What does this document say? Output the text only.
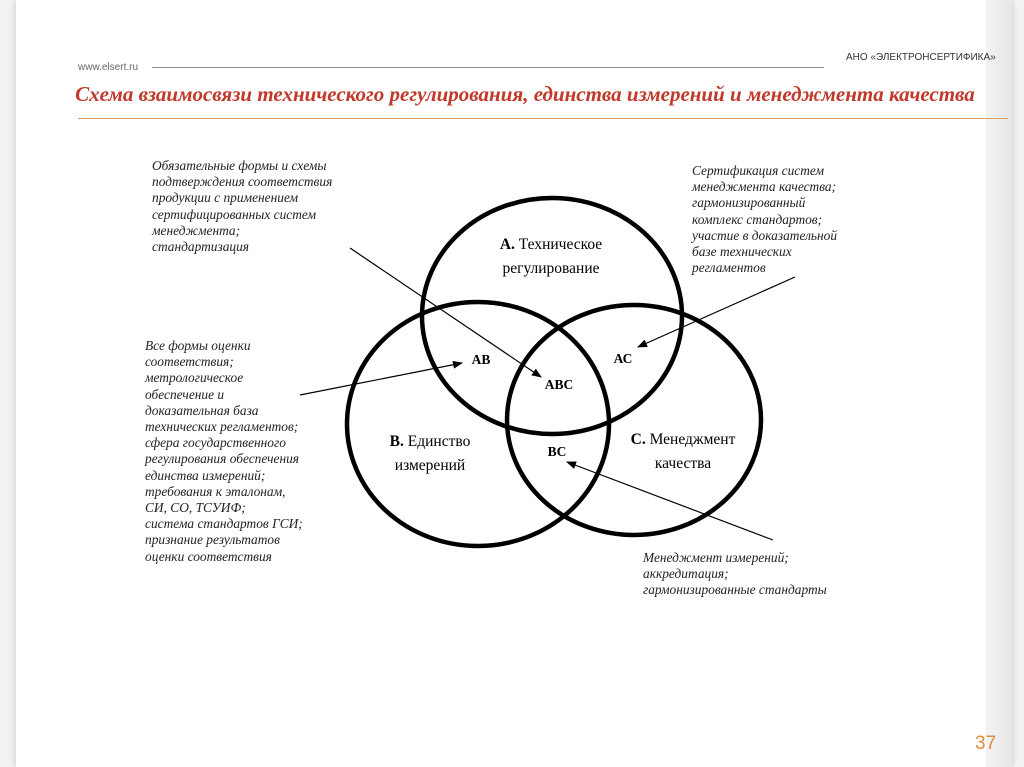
АНО «ЭЛЕКТРОНСЕРТИФИКА»
www.elsert.ru
Схема взаимосвязи технического регулирования, единства измерений и менеджмента качества
А. Техническое
регулирование
В. Единство
измерений
С. Менеджмент
качества
АВ	АС
АВС
ВС
Обязательные формы и схемы
подтверждения соответствия
продукции с применением
сертифицированных систем
менеджмента;
стандартизация
Сертификация систем
менеджмента качества;
гармонизированный
комплекс стандартов;
участие в доказательной
базе технических
регламентов
Все формы оценки
соответствия;
метрологическое
обеспечение и
доказательная база
технических регламентов;
сфера государственного
регулирования обеспечения
единства измерений;
требования к эталонам,
СИ, СО, ТСУИФ;
система стандартов ГСИ;
признание результатов
оценки соответствия	Менеджмент измерений;
аккредитация;
гармонизированные стандарты
37
